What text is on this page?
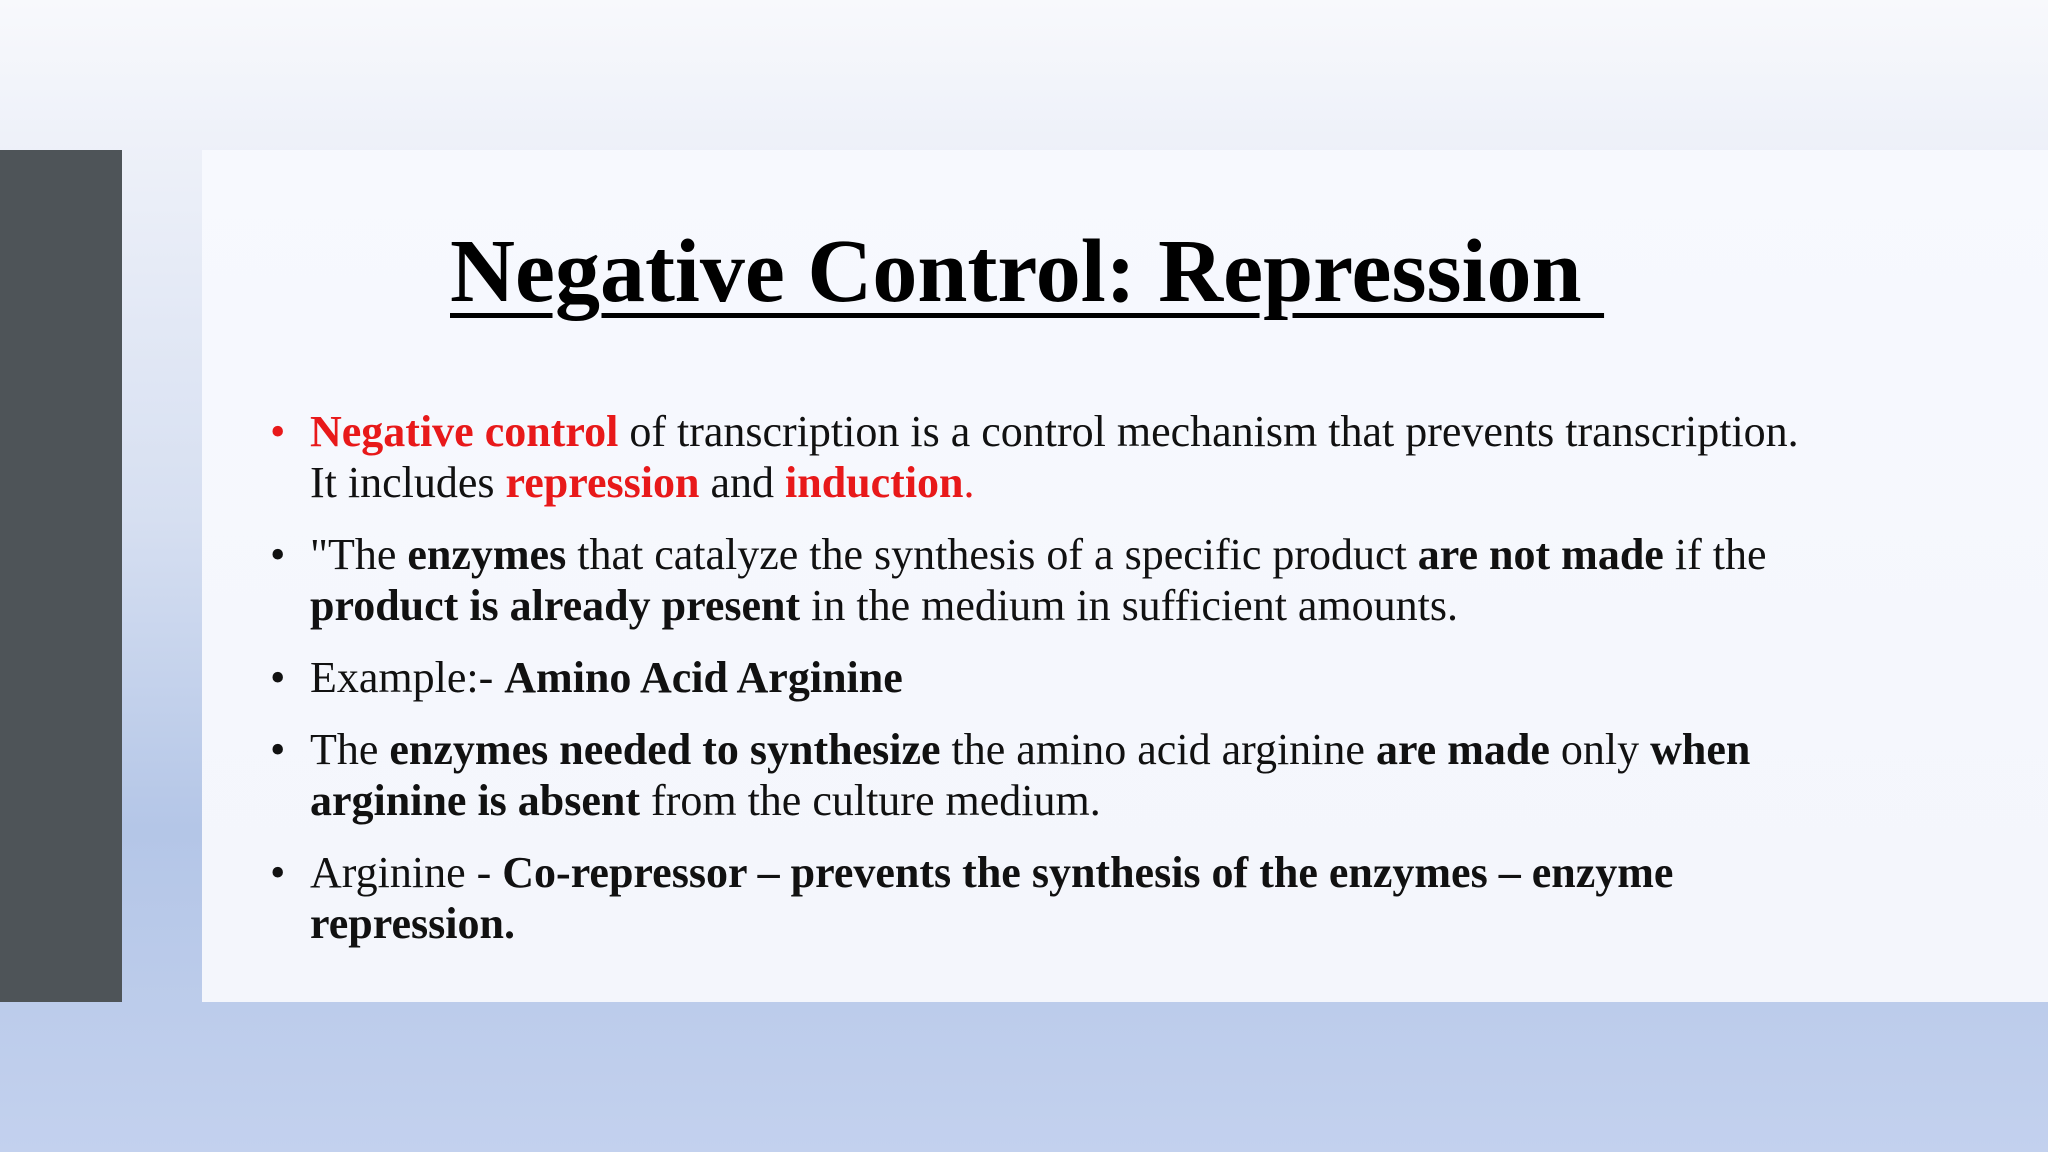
Negative Control: Repression
• Negative control of transcription is a control mechanism that prevents transcription. It includes repression and induction.
• "The enzymes that catalyze the synthesis of a specific product are not made if the product is already present in the medium in sufficient amounts.
• Example:- Amino Acid Arginine
• The enzymes needed to synthesize the amino acid arginine are made only when arginine is absent from the culture medium.
• Arginine - Co-repressor – prevents the synthesis of the enzymes – enzyme repression.
